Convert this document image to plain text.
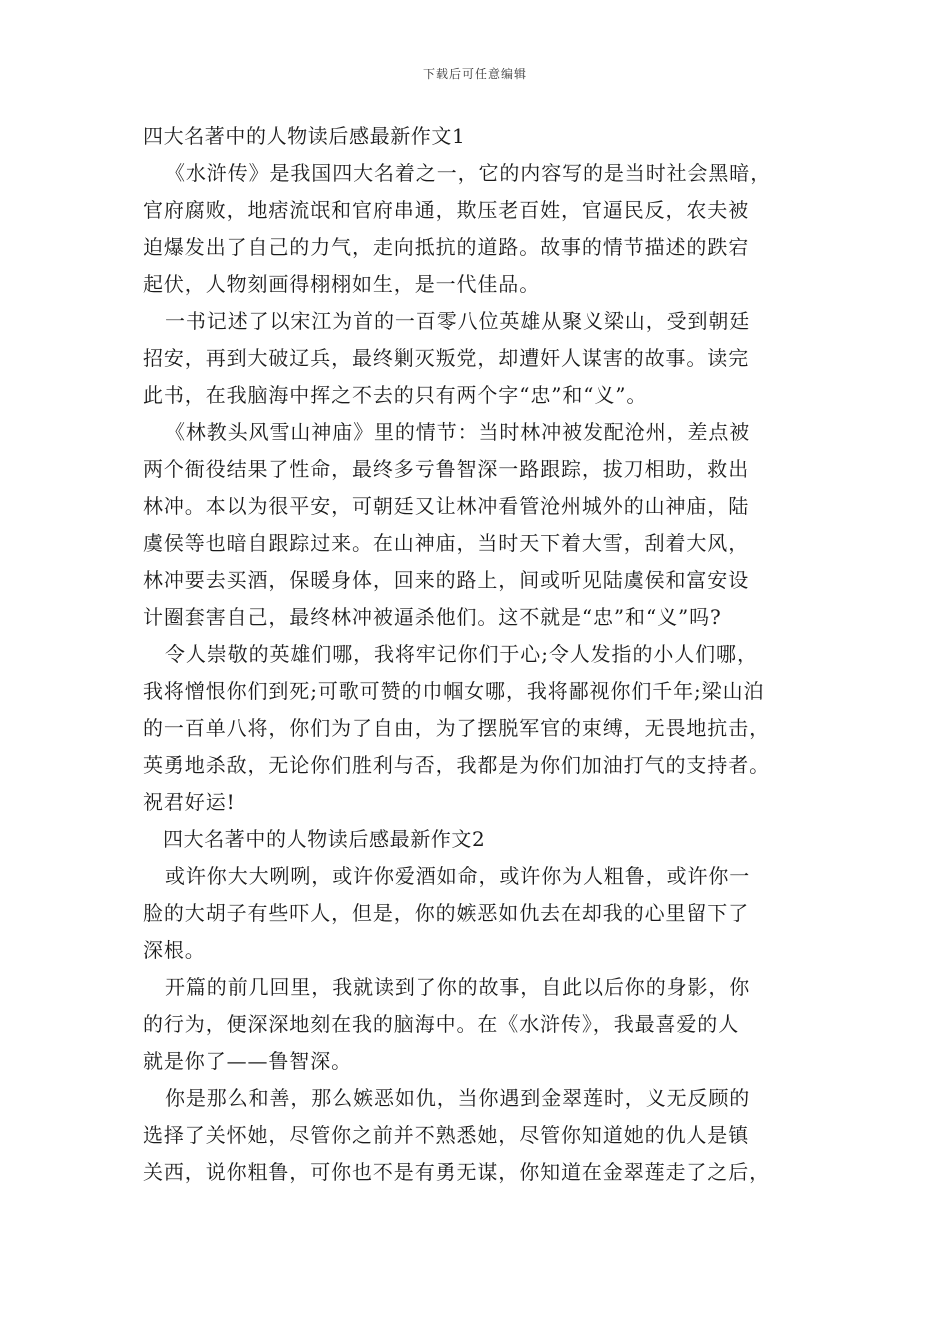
下载后可任意编辑
四大名著中的人物读后感最新作文1
《水浒传》是我国四大名着之一，它的内容写的是当时社会黑暗，
官府腐败，地痞流氓和官府串通，欺压老百姓，官逼民反，农夫被
迫爆发出了自己的力气，走向抵抗的道路。故事的情节描述的跌宕
起伏，人物刻画得栩栩如生，是一代佳品。
一书记述了以宋江为首的一百零八位英雄从聚义梁山，受到朝廷
招安，再到大破辽兵，最终剿灭叛党，却遭奸人谋害的故事。读完
此书，在我脑海中挥之不去的只有两个字“忠”和“义”。
《林教头风雪山神庙》里的情节：当时林冲被发配沧州，差点被
两个衙役结果了性命，最终多亏鲁智深一路跟踪，拔刀相助，救出
林冲。本以为很平安，可朝廷又让林冲看管沧州城外的山神庙，陆
虞侯等也暗自跟踪过来。在山神庙，当时天下着大雪，刮着大风，
林冲要去买酒，保暖身体，回来的路上，间或听见陆虞侯和富安设
计圈套害自己，最终林冲被逼杀他们。这不就是“忠”和“义”吗?
令人崇敬的英雄们哪，我将牢记你们于心;令人发指的小人们哪，
我将憎恨你们到死;可歌可赞的巾帼女哪，我将鄙视你们千年;梁山泊
的一百单八将，你们为了自由，为了摆脱军官的束缚，无畏地抗击，
英勇地杀敌，无论你们胜利与否，我都是为你们加油打气的支持者。
祝君好运!
四大名著中的人物读后感最新作文2
或许你大大咧咧，或许你爱酒如命，或许你为人粗鲁，或许你一
脸的大胡子有些吓人，但是，你的嫉恶如仇去在却我的心里留下了
深根。
开篇的前几回里，我就读到了你的故事，自此以后你的身影，你
的行为，便深深地刻在我的脑海中。在《水浒传》，我最喜爱的人
就是你了——鲁智深。
你是那么和善，那么嫉恶如仇，当你遇到金翠莲时，义无反顾的
选择了关怀她，尽管你之前并不熟悉她，尽管你知道她的仇人是镇
关西，说你粗鲁，可你也不是有勇无谋，你知道在金翠莲走了之后，
